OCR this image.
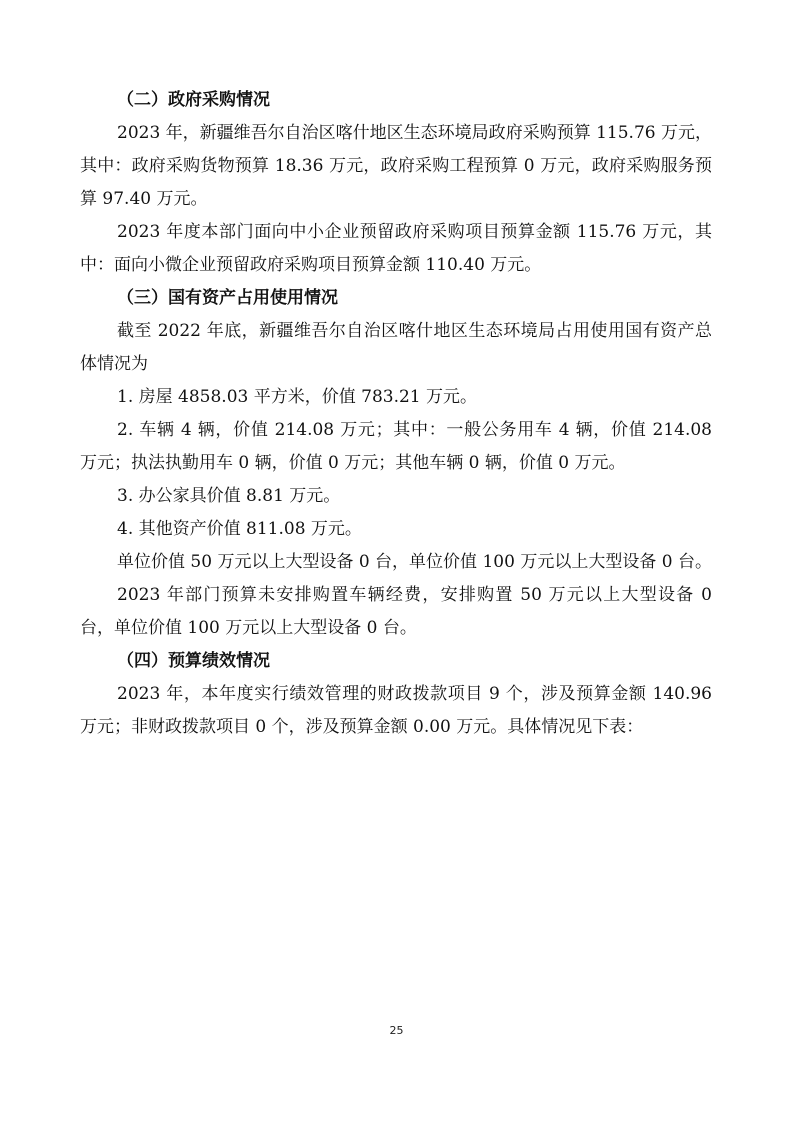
（二）政府采购情况

2023 年，新疆维吾尔自治区喀什地区生态环境局政府采购预算 115.76 万元，其中：政府采购货物预算 18.36 万元，政府采购工程预算 0 万元，政府采购服务预算 97.40 万元。

2023 年度本部门面向中小企业预留政府采购项目预算金额 115.76 万元，其中：面向小微企业预留政府采购项目预算金额 110.40 万元。

（三）国有资产占用使用情况

截至 2022 年底，新疆维吾尔自治区喀什地区生态环境局占用使用国有资产总体情况为

1. 房屋 4858.03 平方米，价值 783.21 万元。

2. 车辆 4 辆，价值 214.08 万元；其中：一般公务用车 4 辆，价值 214.08 万元；执法执勤用车 0 辆，价值 0 万元；其他车辆 0 辆，价值 0 万元。

3. 办公家具价值 8.81 万元。

4. 其他资产价值 811.08 万元。

单位价值 50 万元以上大型设备 0 台，单位价值 100 万元以上大型设备 0 台。

2023 年部门预算未安排购置车辆经费，安排购置 50 万元以上大型设备 0 台，单位价值 100 万元以上大型设备 0 台。

（四）预算绩效情况

2023 年，本年度实行绩效管理的财政拨款项目 9 个，涉及预算金额 140.96 万元；非财政拨款项目 0 个，涉及预算金额 0.00 万元。具体情况见下表：

25
